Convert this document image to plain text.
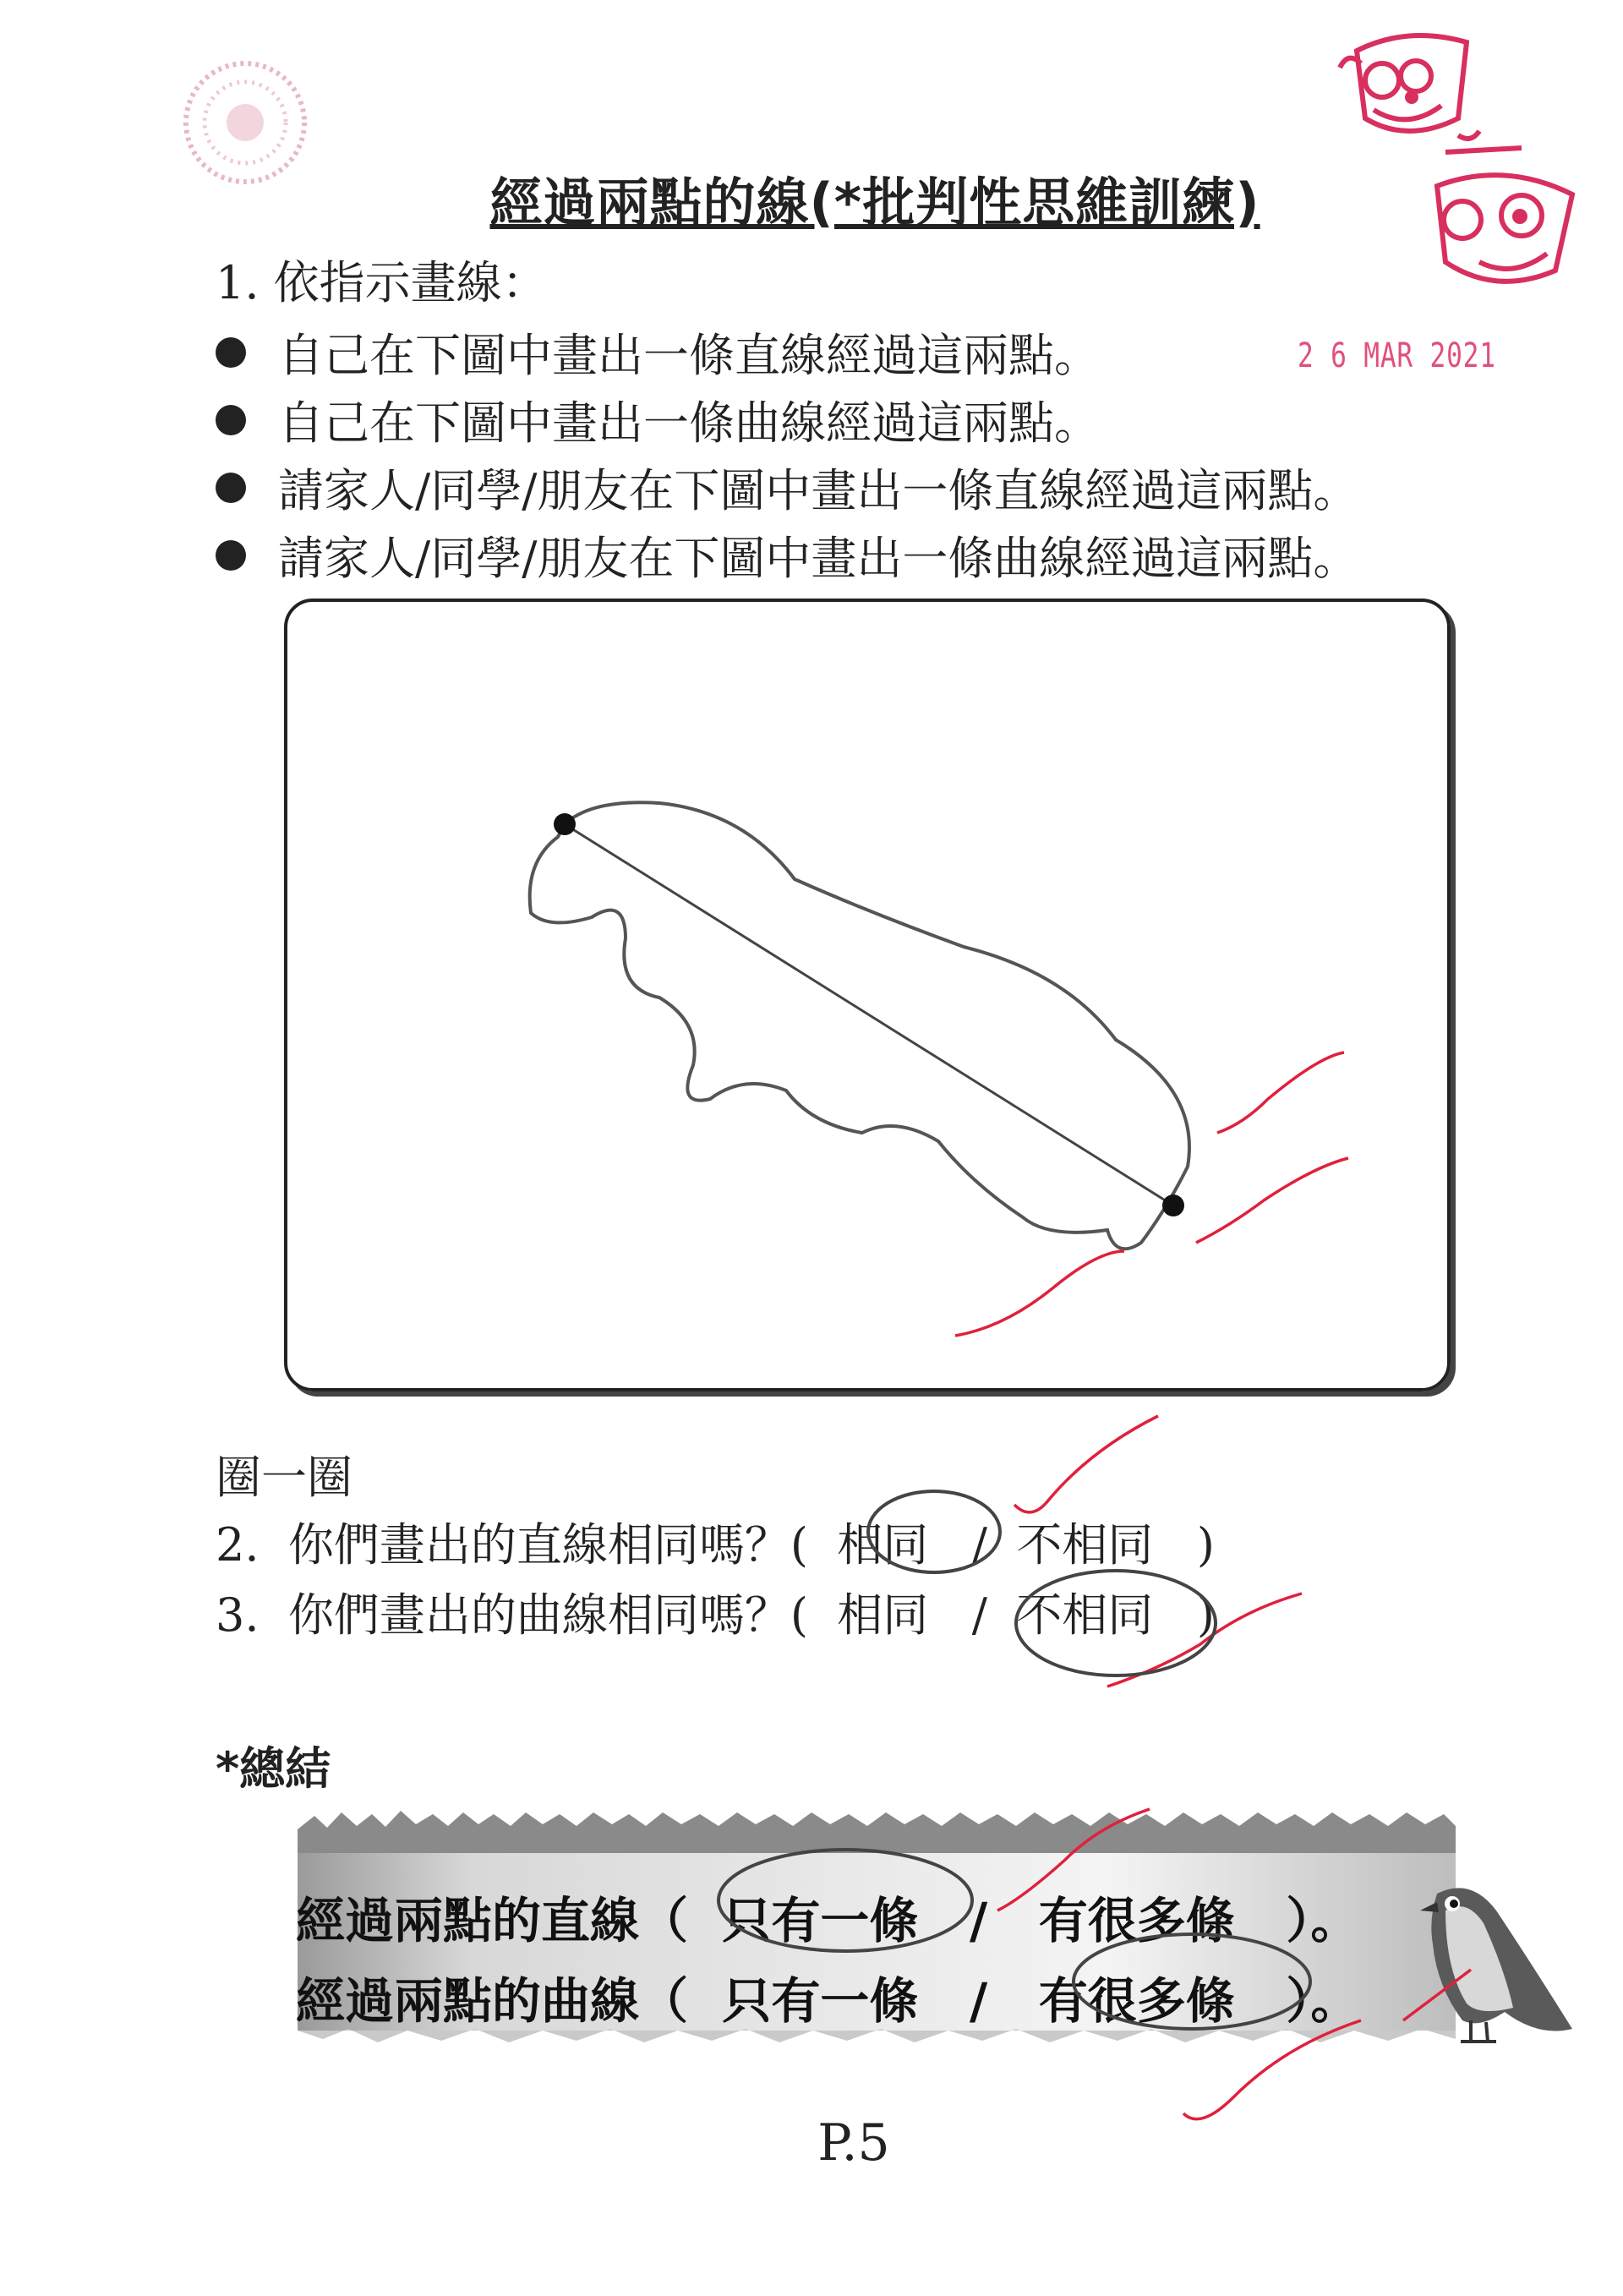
經過兩點的線(*批判性思維訓練)
1. 依指示畫線：
自己在下圖中畫出一條直線經過這兩點。
自己在下圖中畫出一條曲線經過這兩點。
請家人/同學/朋友在下圖中畫出一條直線經過這兩點。
請家人/同學/朋友在下圖中畫出一條曲線經過這兩點。
2 6 MAR 2021
圈一圈
2.  你們畫出的直線相同嗎？( 相同 / 不相同 )
3.  你們畫出的曲線相同嗎？( 相同 / 不相同 )
*總結
經過兩點的直線（ 只有一條 / 有很多條 ）。
經過兩點的曲線（ 只有一條 / 有很多條 ）。
P.5
